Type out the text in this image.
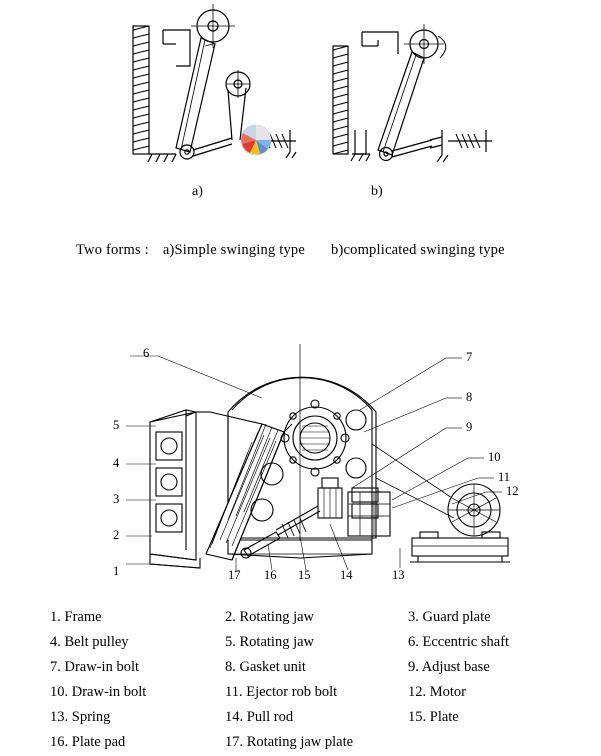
a)	b)
Two forms : a)Simple swinging type b)complicated swinging type
6
5
4
3
2
1
7
8
9
10
11
12
13
17 16 15 14
1. Frame	2. Rotating jaw	3. Guard plate
4. Belt pulley	5. Rotating jaw	6. Eccentric shaft
7. Draw-in bolt	8. Gasket unit	9. Adjust base
10. Draw-in bolt	11. Ejector rob bolt	12. Motor
13. Spring	14. Pull rod	15. Plate
16. Plate pad	17. Rotating jaw plate
